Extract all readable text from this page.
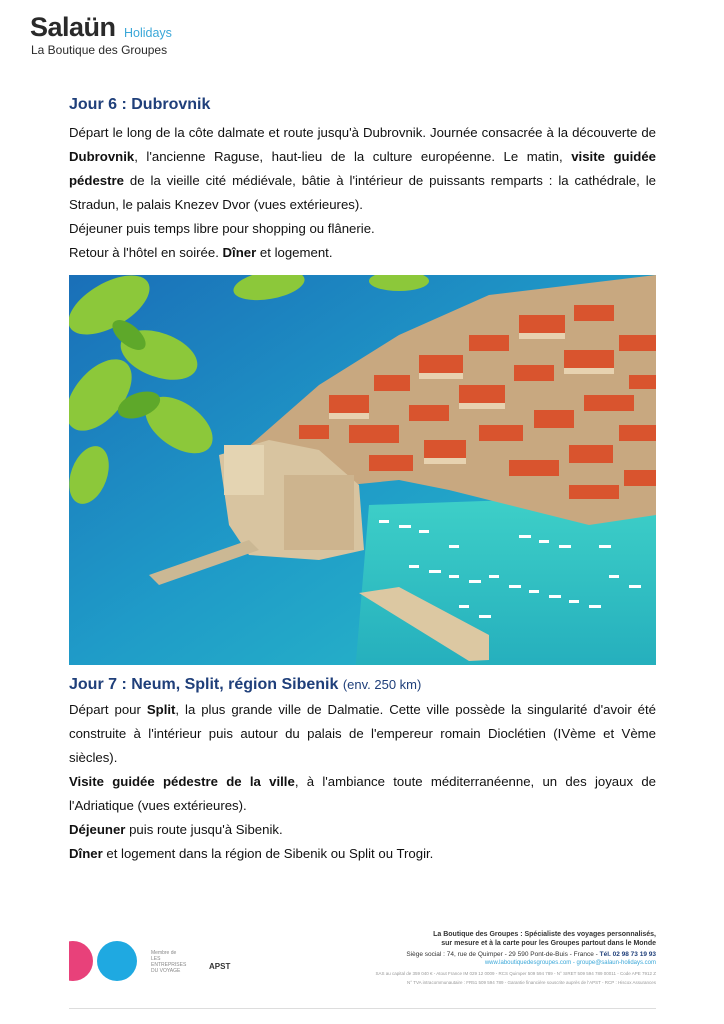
Salaün Holidays
La Boutique des Groupes
Jour 6 : Dubrovnik

Départ le long de la côte dalmate et route jusqu'à Dubrovnik. Journée consacrée à la découverte de Dubrovnik, l'ancienne Raguse, haut-lieu de la culture européenne. Le matin, visite guidée pédestre de la vieille cité médiévale, bâtie à l'intérieur de puissants remparts : la cathédrale, le Stradun, le palais Knezev Dvor (vues extérieures).

Déjeuner puis temps libre pour shopping ou flânerie.

Retour à l'hôtel en soirée. Dîner et logement.

Jour 7 : Neum, Split, région Sibenik (env. 250 km)

Départ pour Split, la plus grande ville de Dalmatie. Cette ville possède la singularité d'avoir été construite à l'intérieur puis autour du palais de l'empereur romain Dioclétien (IVème et Vème siècles).

Visite guidée pédestre de la ville, à l'ambiance toute méditerranéenne, un des joyaux de l'Adriatique (vues extérieures).

Déjeuner puis route jusqu'à Sibenik.

Dîner et logement dans la région de Sibenik ou Split ou Trogir.

Membre de
LES ENTREPRISES DU VOYAGE	APST
La Boutique des Groupes : Spécialiste des voyages personnalisés,
sur mesure et à la carte pour les Groupes partout dans le Monde
Siège social : 74, rue de Quimper - 29 590 Pont-de-Buis - France - Tél. 02 98 73 19 93
www.laboutiquedesgroupes.com - groupe@salaun-holidays.com
SAS au capital de 359 040 € - Atout France IM 029 12 0009 - RCS Quimper 509 594 789 - N° SIRET 509 594 789 00011 - Code APE 7912 Z
N° TVA intracommunautaire : FR51 509 594 789 - Garantie financière souscrite auprès de l'APST - RCP : Hiscox Assurances
